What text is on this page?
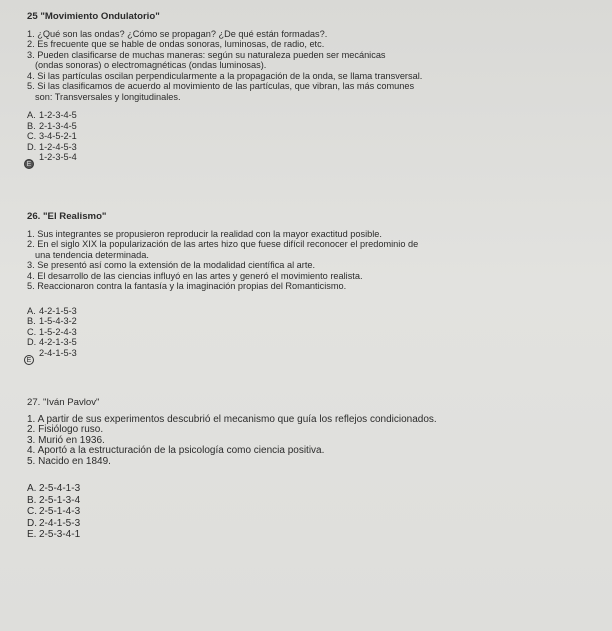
25 "Movimiento Ondulatorio"
1. ¿Qué son las ondas? ¿Cómo se propagan? ¿De qué están formadas?.
2. Es frecuente que se hable de ondas sonoras, luminosas, de radio, etc.
3. Pueden clasificarse de muchas maneras: según su naturaleza pueden ser mecánicas
(ondas sonoras) o electromagnéticas (ondas luminosas).
4. Si las partículas oscilan perpendicularmente a la propagación de la onda, se llama transversal.
5. Si las clasificamos de acuerdo al movimiento de las partículas, que vibran, las más comunes
son: Transversales y longitudinales.
A. 1-2-3-4-5
B. 2-1-3-4-5
C. 3-4-5-2-1
D. 1-2-4-5-3
E
1-2-3-5-4
26. "El Realismo"
1. Sus integrantes se propusieron reproducir la realidad con la mayor exactitud posible.
2. En el siglo XIX la popularización de las artes hizo que fuese difícil reconocer el predominio de
una tendencia determinada.
3. Se presentó así como la extensión de la modalidad científica al arte.
4. El desarrollo de las ciencias influyó en las artes y generó el movimiento realista.
5. Reaccionaron contra la fantasía y la imaginación propias del Romanticismo.
A. 4-2-1-5-3
B. 1-5-4-3-2
C. 1-5-2-4-3
D. 4-2-1-3-5
E
2-4-1-5-3
27. "Iván Pavlov"
1. A partir de sus experimentos descubrió el mecanismo que guía los reflejos condicionados.
2. Fisiólogo ruso.
3. Murió en 1936.
4. Aportó a la estructuración de la psicología como ciencia positiva.
5. Nacido en 1849.
A. 2-5-4-1-3
B. 2-5-1-3-4
C. 2-5-1-4-3
D. 2-4-1-5-3
E. 2-5-3-4-1
